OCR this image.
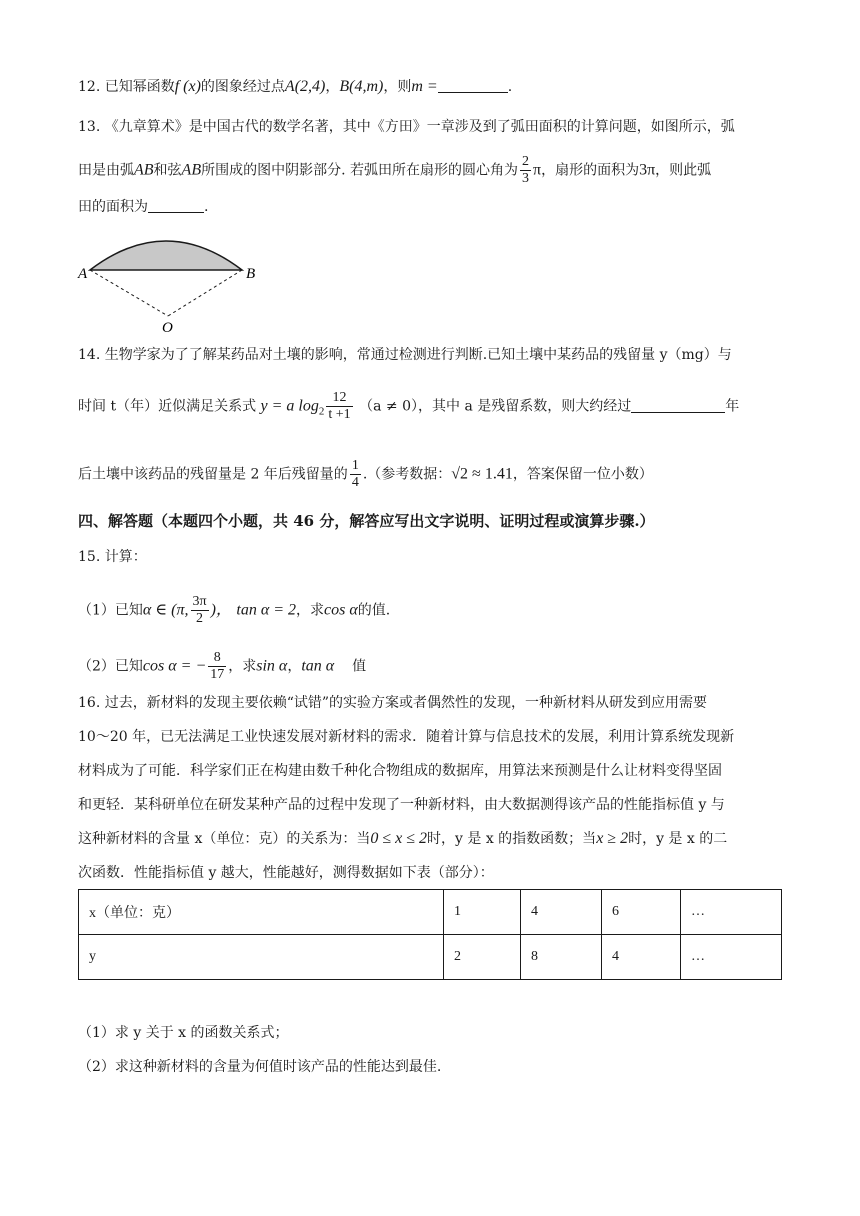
12. 已知幂函数f (x)的图象经过点A(2,4)，B(4,m)，则m =	.
13. 《九章算术》是中国古代的数学名著，其中《方田》一章涉及到了弧田面积的计算问题，如图所示，弧
田是由弧AB和弦AB所围成的图中阴影部分. 若弧田所在扇形的圆心角为 $\frac{2}{3}$ π，扇形的面积为3π，则此弧
田的面积为	.
A	B
O
14. 生物学家为了了解某药品对土壤的影响，常通过检测进行判断.已知土壤中某药品的残留量 y（mg）与
时间 t（年）近似满足关系式 y = a $\log_2 \frac{12}{t +1} (a \ne 0)$，其中 a 是残留系数，则大约经过	年
后土壤中该药品的残留量是 2 年后残留量的 $\frac{1}{4}$ .（参考数据：√2 ≈ 1.41，答案保留一位小数）
四、解答题（本题四个小题，共 46 分，解答应写出文字说明、证明过程或演算步骤.）
15. 计算：
（1）已知α ∈ (π, $\frac{3\pi}{2}$ )， tan α = 2，求cos α的值.
（2）已知cos α = − $\frac{8}{17}$ ，求sin α，tan α 值
16. 过去，新材料的发现主要依赖“试错”的实验方案或者偶然性的发现，一种新材料从研发到应用需要
10～20 年，已无法满足工业快速发展对新材料的需求．随着计算与信息技术的发展，利用计算系统发现新
材料成为了可能．科学家们正在构建由数千种化合物组成的数据库，用算法来预测是什么让材料变得坚固
和更轻．某科研单位在研发某种产品的过程中发现了一种新材料，由大数据测得该产品的性能指标值 y 与
这种新材料的含量 x（单位：克）的关系为：当0 ≤ x ≤ 2时，y 是 x 的指数函数；当x ≥ 2时，y 是 x 的二
次函数．性能指标值 y 越大，性能越好，测得数据如下表（部分）：
x（单位：克）	1	4	6	…
y	2	8	4	…
（1）求 y 关于 x 的函数关系式；
（2）求这种新材料的含量为何值时该产品的性能达到最佳.
